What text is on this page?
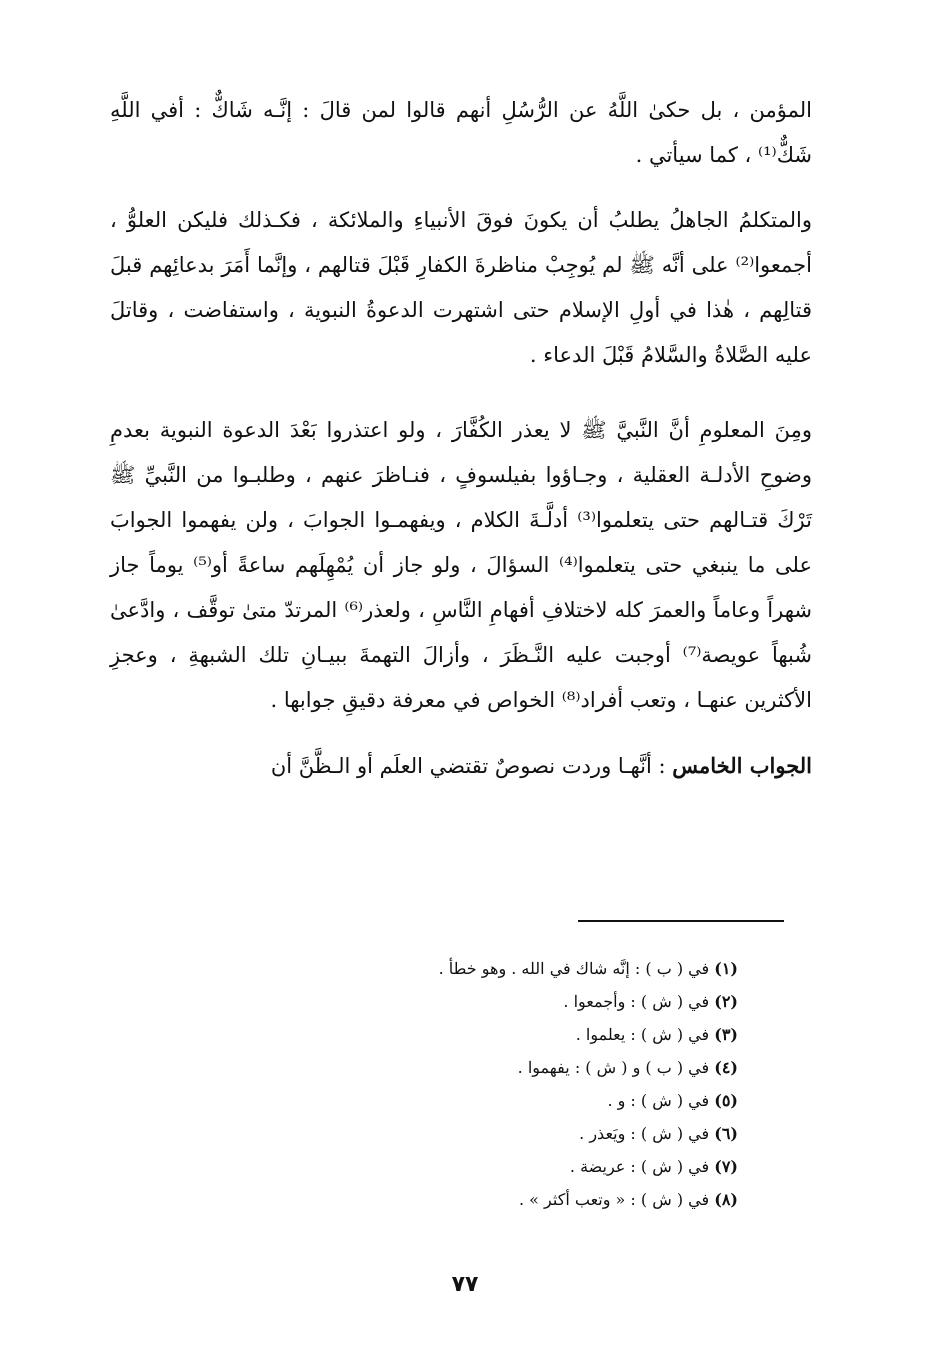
المؤمن ، بل حكىٰ اللَّهُ عن الرُّسُلِ أنهم قالوا لمن قالَ : إنَّـه شَاكٌّ : أفي اللَّهِ شَكٌّ⁽¹⁾ ، كما سيأتي .

والمتكلمُ الجاهلُ يطلبُ أن يكونَ فوقَ الأنبياءِ والملائكة ، فكـذلك فليكن العلوُّ ، أجمعوا⁽²⁾ على أنَّه ﷺ لم يُوجِبْ مناظرةَ الكفارِ قَبْلَ قتالهم ، وإنَّما أَمَرَ بدعائِهم قبلَ قتالِهم ، هٰذا في أولِ الإسلام حتى اشتهرت الدعوةُ النبوية ، واستفاضت ، وقاتلَ عليه الصَّلاةُ والسَّلامُ قَبْلَ الدعاء .

ومِنَ المعلومِ أنَّ النَّبيَّ ﷺ لا يعذر الكُفَّارَ ، ولو اعتذروا بَعْدَ الدعوة النبوية بعدمِ وضوحِ الأدلـة العقلية ، وجـاؤوا بفيلسوفٍ ، فنـاظرَ عنهم ، وطلبـوا من النَّبيِّ ﷺ تَرْكَ قتـالهم حتى يتعلموا⁽³⁾ أدلَّـةَ الكلام ، ويفهمـوا الجوابَ ، ولن يفهموا الجوابَ على ما ينبغي حتى يتعلموا⁽⁴⁾ السؤالَ ، ولو جاز أن يُمْهِلَهم ساعةً أو⁽⁵⁾ يوماً جاز شهراً وعاماً والعمرَ كله لاختلافِ أفهامِ النَّاسِ ، ولعذر⁽⁶⁾ المرتدّ متىٰ توقَّف ، وادَّعىٰ شُبهاً عويصة⁽⁷⁾ أوجبت عليه النَّـظَرَ ، وأزالَ التهمةَ ببيـانِ تلك الشبهةِ ، وعجزِ الأكثرين عنهـا ، وتعب أفراد⁽⁸⁾ الخواص في معرفة دقيقِ جوابها .

الجواب الخامس : أنَّهـا وردت نصوصٌ تقتضي العلَم أو الـظَّنَّ أن

(١) في ( ب ) : إنَّه شاك في الله . وهو خطأ .
(٢) في ( ش ) : وأجمعوا .
(٣) في ( ش ) : يعلموا .
(٤) في ( ب ) و ( ش ) : يفهموا .
(٥) في ( ش ) : و .
(٦) في ( ش ) : ويَعذر .
(٧) في ( ش ) : عريضة .
(٨) في ( ش ) : « وتعب أكثر » .
٧٧
